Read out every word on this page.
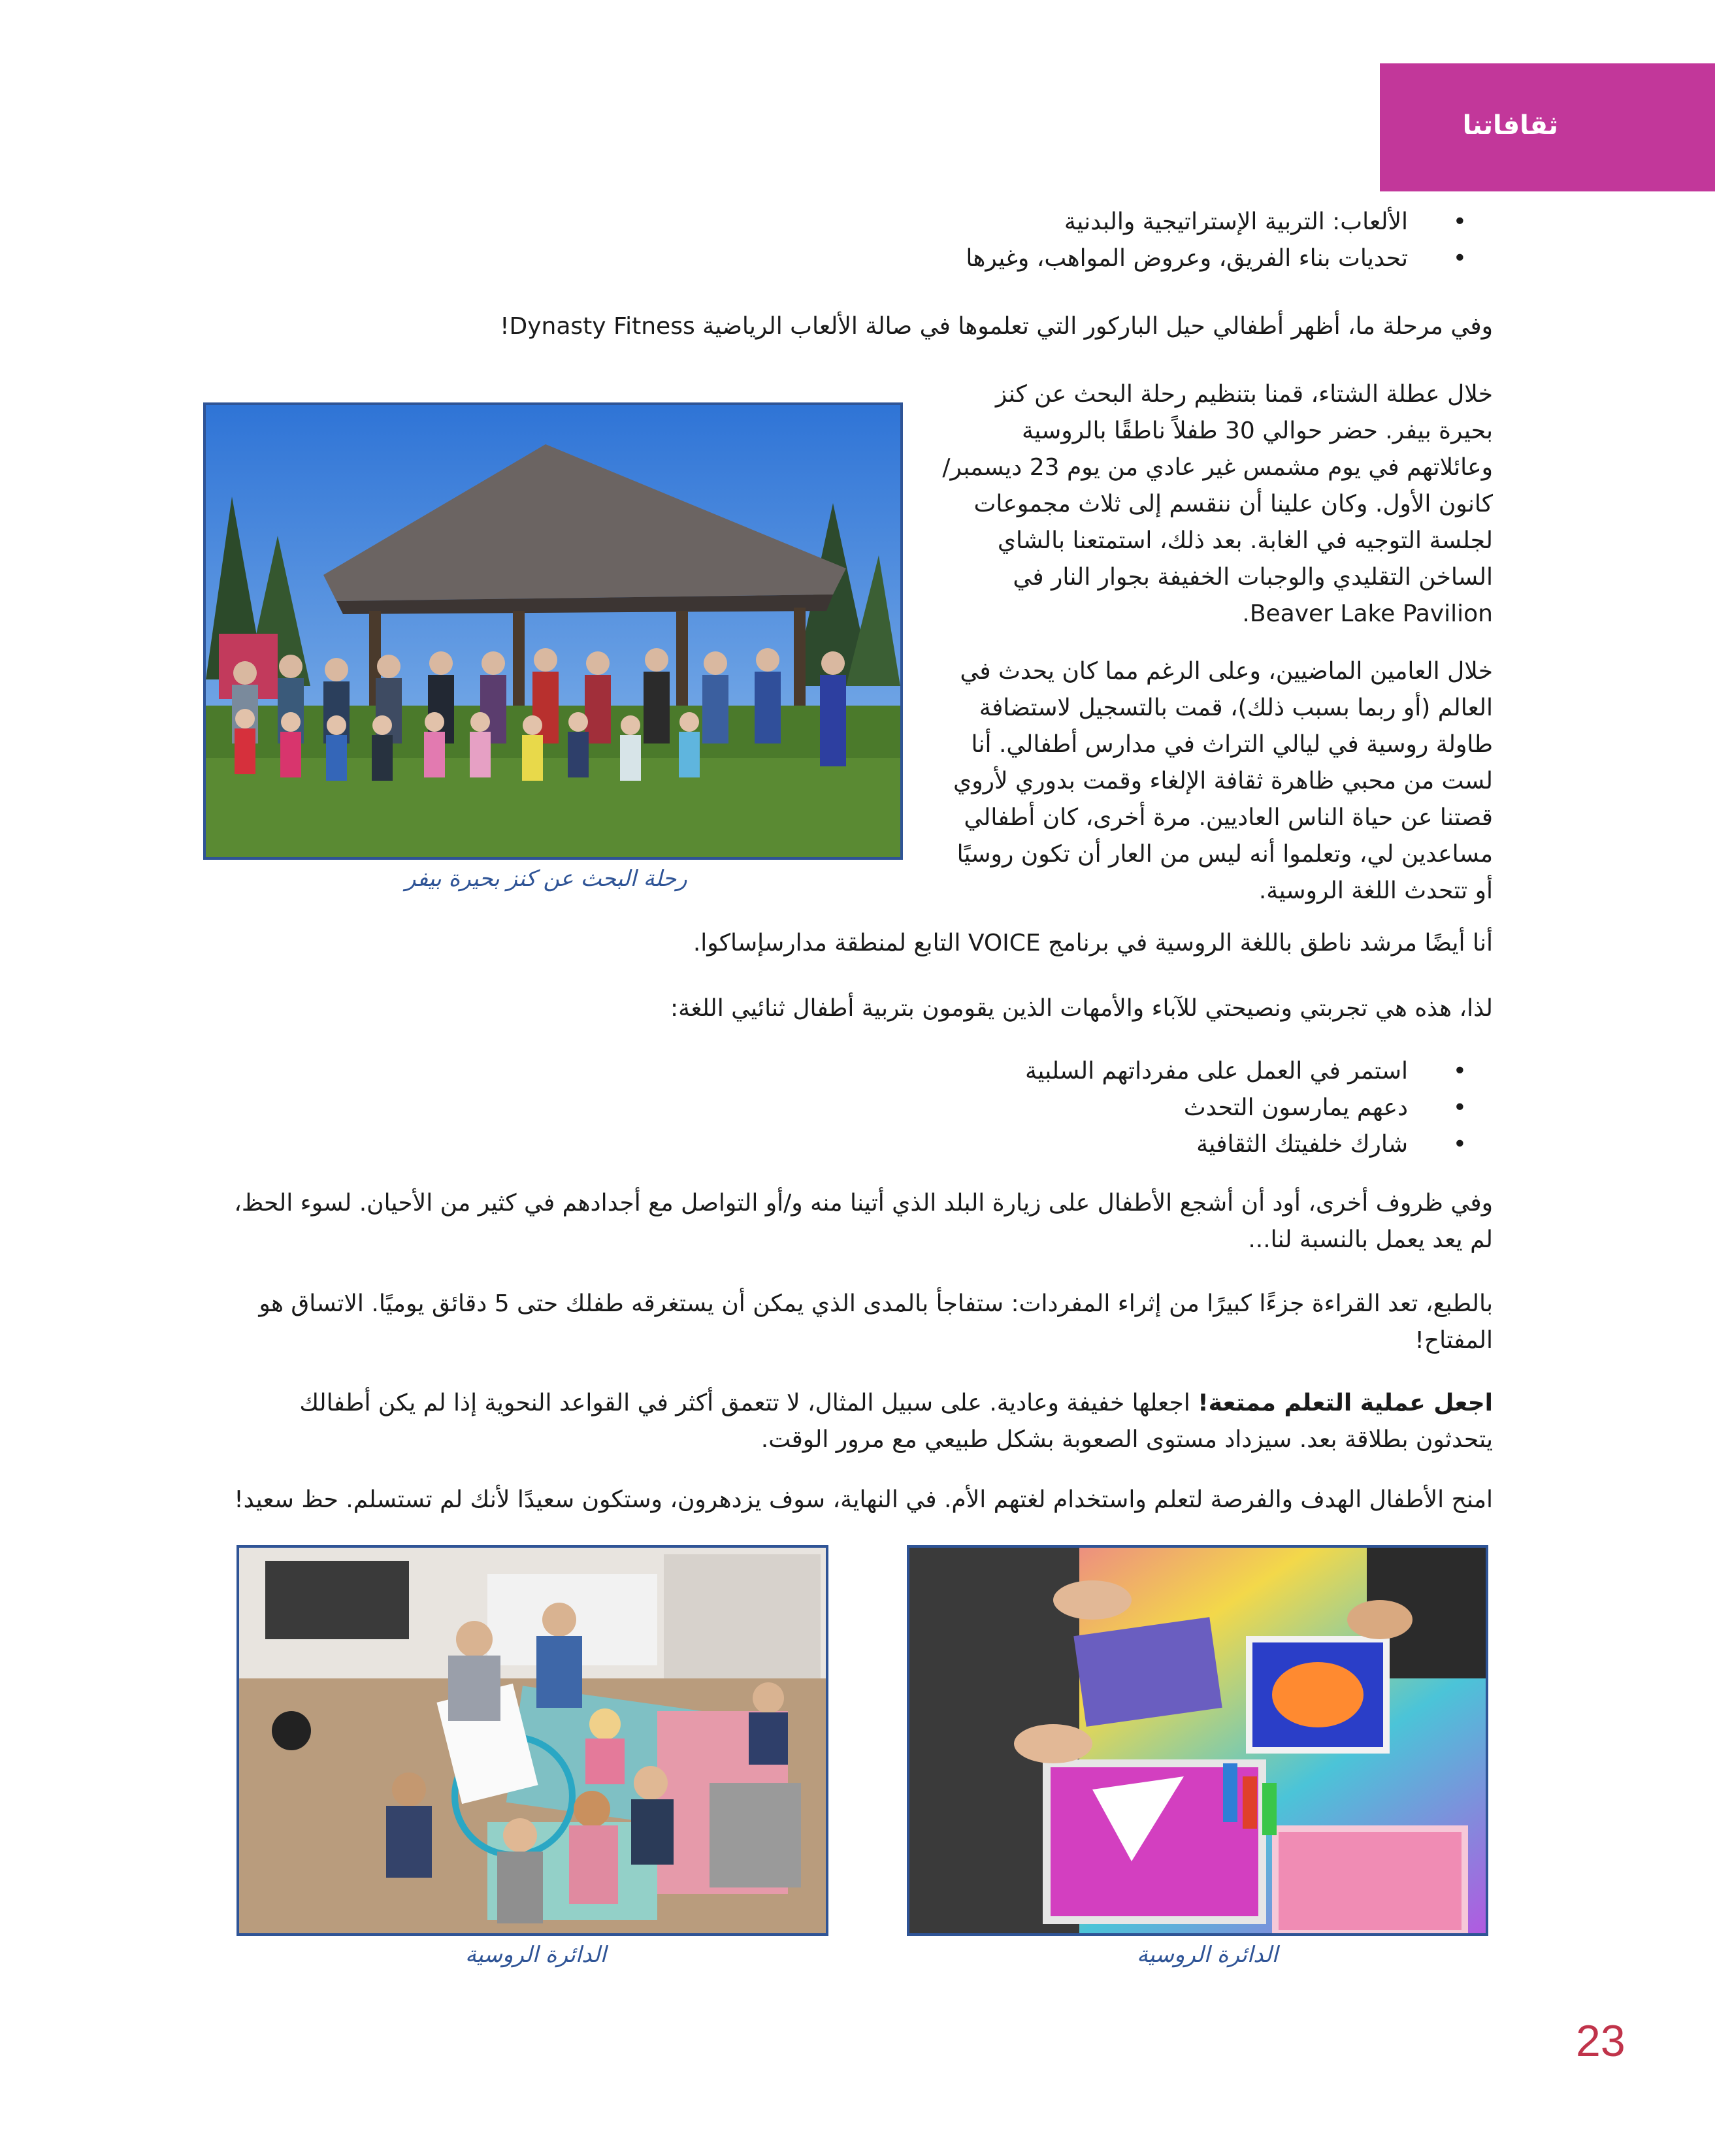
ثقافاتنا
• الألعاب: التربية الإستراتيجية والبدنية
• تحديات بناء الفريق، وعروض المواهب، وغيرها

وفي مرحلة ما، أظهر أطفالي حيل الباركور التي تعلموها في صالة الألعاب الرياضية Dynasty Fitness!

خلال عطلة الشتاء، قمنا بتنظيم رحلة البحث عن كنز بحيرة بيفر. حضر حوالي 30 طفلاً ناطقًا بالروسية وعائلاتهم في يوم مشمس غير عادي من يوم 23 ديسمبر/كانون الأول. وكان علينا أن ننقسم إلى ثلاث مجموعات لجلسة التوجيه في الغابة. بعد ذلك، استمتعنا بالشاي الساخن التقليدي والوجبات الخفيفة بجوار النار في Beaver Lake Pavilion.

خلال العامين الماضيين، وعلى الرغم مما كان يحدث في العالم (أو ربما بسبب ذلك)، قمت بالتسجيل لاستضافة طاولة روسية في ليالي التراث في مدارس أطفالي. أنا لست من محبي ظاهرة ثقافة الإلغاء وقمت بدوري لأروي قصتنا عن حياة الناس العاديين. مرة أخرى، كان أطفالي مساعدين لي، وتعلموا أنه ليس من العار أن تكون روسيًا أو تتحدث اللغة الروسية.

رحلة البحث عن كنز بحيرة بيفر

أنا أيضًا مرشد ناطق باللغة الروسية في برنامج VOICE التابع لمنطقة مدارسإساكوا.

لذا، هذه هي تجربتي ونصيحتي للآباء والأمهات الذين يقومون بتربية أطفال ثنائيي اللغة:

• استمر في العمل على مفرداتهم السلبية
• دعهم يمارسون التحدث
• شارك خلفيتك الثقافية

وفي ظروف أخرى، أود أن أشجع الأطفال على زيارة البلد الذي أتينا منه و/أو التواصل مع أجدادهم في كثير من الأحيان. لسوء الحظ، لم يعد يعمل بالنسبة لنا...

بالطبع، تعد القراءة جزءًا كبيرًا من إثراء المفردات: ستفاجأ بالمدى الذي يمكن أن يستغرقه طفلك حتى 5 دقائق يوميًا. الاتساق هو المفتاح!

اجعل عملية التعلم ممتعة! اجعلها خفيفة وعادية. على سبيل المثال، لا تتعمق أكثر في القواعد النحوية إذا لم يكن أطفالك يتحدثون بطلاقة بعد. سيزداد مستوى الصعوبة بشكل طبيعي مع مرور الوقت.

امنح الأطفال الهدف والفرصة لتعلم واستخدام لغتهم الأم. في النهاية، سوف يزدهرون، وستكون سعيدًا لأنك لم تستسلم. حظ سعيد!

الدائرة الروسية	الدائرة الروسية
23
